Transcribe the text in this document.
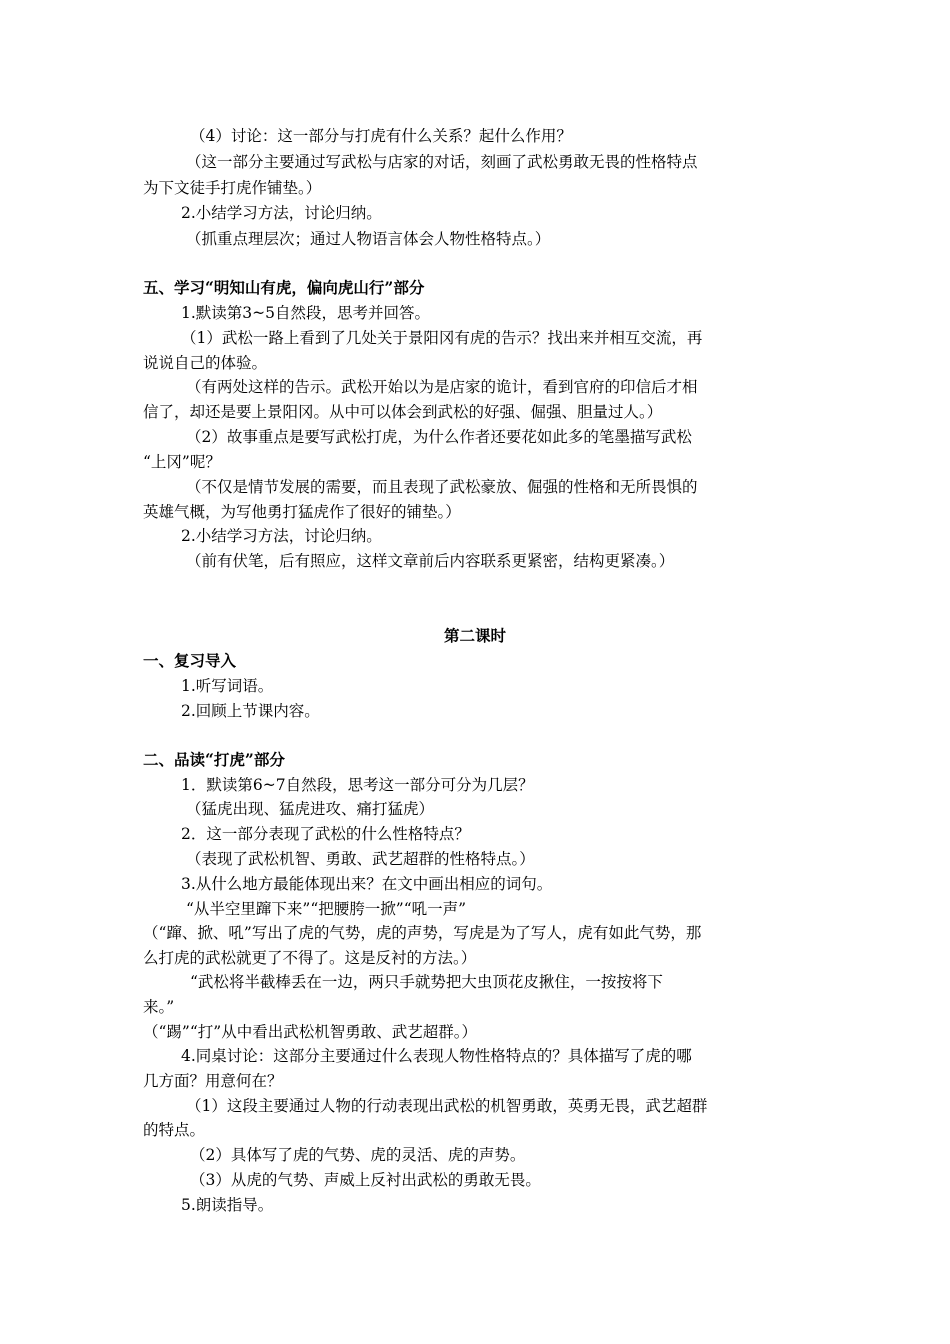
（4）讨论：这一部分与打虎有什么关系？起什么作用？
（这一部分主要通过写武松与店家的对话，刻画了武松勇敢无畏的性格特点
为下文徒手打虎作铺垫。）
2.小结学习方法，讨论归纳。
（抓重点理层次；通过人物语言体会人物性格特点。）
五、学习“明知山有虎，偏向虎山行”部分
1.默读第3~5自然段，思考并回答。
（1）武松一路上看到了几处关于景阳冈有虎的告示？找出来并相互交流，再
说说自己的体验。
（有两处这样的告示。武松开始以为是店家的诡计，看到官府的印信后才相
信了，却还是要上景阳冈。从中可以体会到武松的好强、倔强、胆量过人。）
（2）故事重点是要写武松打虎，为什么作者还要花如此多的笔墨描写武松
“上冈”呢？
（不仅是情节发展的需要，而且表现了武松豪放、倔强的性格和无所畏惧的
英雄气概，为写他勇打猛虎作了很好的铺垫。）
2.小结学习方法，讨论归纳。
（前有伏笔，后有照应，这样文章前后内容联系更紧密，结构更紧凑。）
第二课时
一、复习导入
1.听写词语。
2.回顾上节课内容。
二、品读“打虎”部分
1．默读第6~7自然段，思考这一部分可分为几层？
（猛虎出现、猛虎进攻、痛打猛虎）
2．这一部分表现了武松的什么性格特点？
（表现了武松机智、勇敢、武艺超群的性格特点。）
3.从什么地方最能体现出来？在文中画出相应的词句。
“从半空里蹿下来”“把腰胯一掀”“吼一声”
（“蹿、掀、吼”写出了虎的气势，虎的声势，写虎是为了写人，虎有如此气势，那
么打虎的武松就更了不得了。这是反衬的方法。）
“武松将半截棒丢在一边，两只手就势把大虫顶花皮揪住，一按按将下
来。”
（“踢”“打”从中看出武松机智勇敢、武艺超群。）
4.同桌讨论：这部分主要通过什么表现人物性格特点的？具体描写了虎的哪
几方面？用意何在？
（1）这段主要通过人物的行动表现出武松的机智勇敢，英勇无畏，武艺超群
的特点。
（2）具体写了虎的气势、虎的灵活、虎的声势。
（3）从虎的气势、声威上反衬出武松的勇敢无畏。
5.朗读指导。
